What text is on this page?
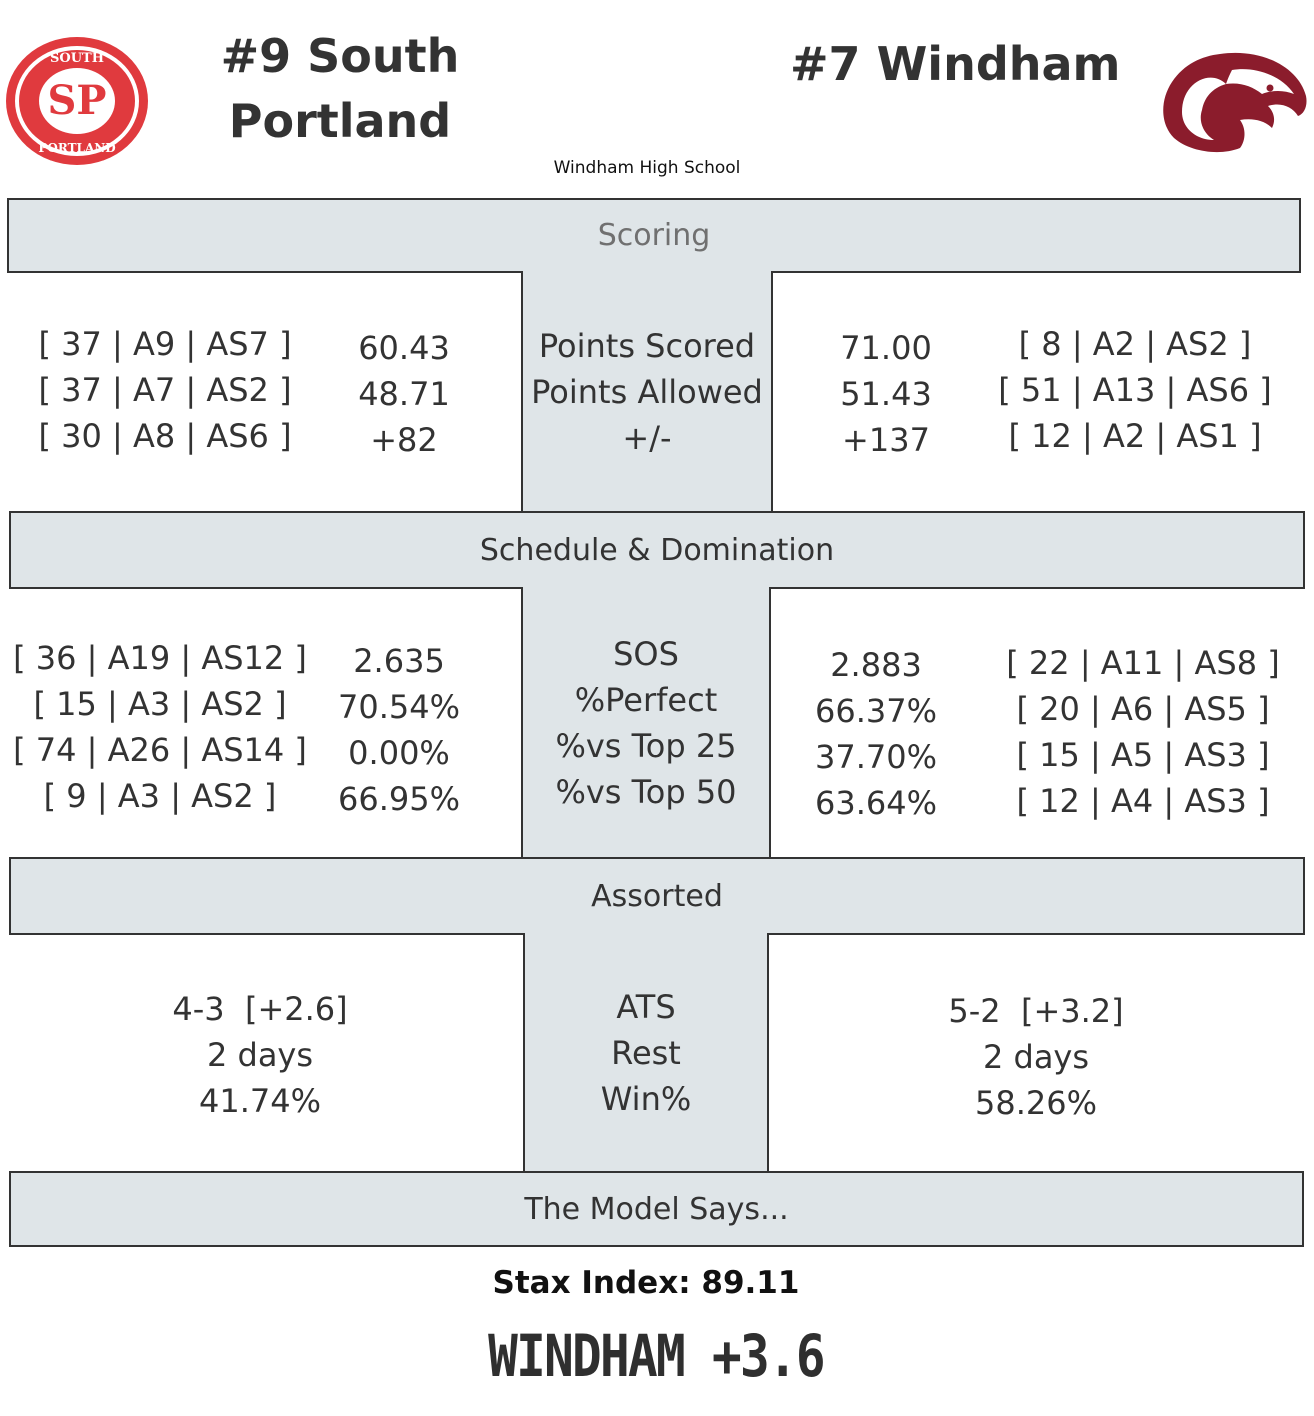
SP
SOUTH
PORTLAND
#9 South
Portland
#7 Windham
Windham High School
Scoring
Points Scored
Points Allowed
+/-
[ 37 | A9 | AS7 ]
[ 37 | A7 | AS2 ]
[ 30 | A8 | AS6 ]
60.43
48.71
+82
71.00
51.43
+137
[ 8 | A2 | AS2 ]
[ 51 | A13 | AS6 ]
[ 12 | A2 | AS1 ]
Schedule & Domination
SOS
%Perfect
%vs Top 25
%vs Top 50
[ 36 | A19 | AS12 ]
[ 15 | A3 | AS2 ]
[ 74 | A26 | AS14 ]
[ 9 | A3 | AS2 ]
2.635
70.54%
0.00%
66.95%
2.883
66.37%
37.70%
63.64%
[ 22 | A11 | AS8 ]
[ 20 | A6 | AS5 ]
[ 15 | A5 | AS3 ]
[ 12 | A4 | AS3 ]
Assorted
ATS
Rest
Win%
4-3  [+2.6]
2 days
41.74%
5-2  [+3.2]
2 days
58.26%
The Model Says...
Stax Index: 89.11
WINDHAM +3.6
